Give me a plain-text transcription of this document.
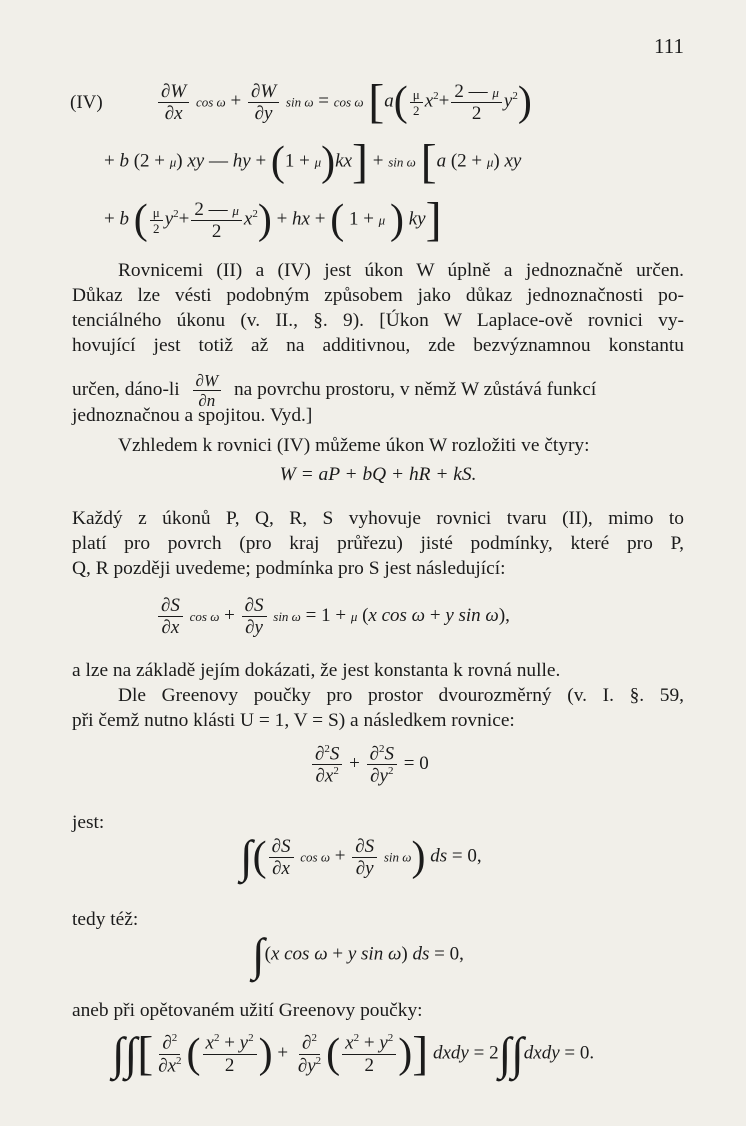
111
(IV)	$\frac{\partial W}{\partial x}$ $\cos \omega + \frac{\partial W}{\partial y}$ sin ω = cos ω [$a( \frac{\mu}{2} x^2+ \frac{2 — \mu}{2} y^2)$
+ b (2 + μ) xy — hy + (1 + μ)kx] + sin ω [a (2 + μ) xy
+ b ( $\frac{\mu}{2} y^2+ \frac{2 — \mu}{2} x^2$) + hx + ( 1 + μ ) ky]
Rovnicemi (II) a (IV) jest úkon W úplně a jednoznačně určen.
Důkaz lze vésti podobným způsobem jako důkaz jednoznačnosti po-
tenciálného úkonu (v. II., §. 9). [Úkon W Laplace-ově rovnici vy-
hovující jest totiž až na additivnou, zde bezvýznamnou konstantu
určen, dáno-li $\frac{\partial W}{\partial n}$ na povrchu prostoru, v němž W zůstává funkcí
jednoznačnou a spojitou. Vyd.]
Vzhledem k rovnici (IV) můžeme úkon W rozložiti ve čtyry:
W = aP + bQ + hR + kS.
Každý z úkonů P, Q, R, S vyhovuje rovnici tvaru (II), mimo to
platí pro povrch (pro kraj průřezu) jisté podmínky, které pro P,
Q, R později uvedeme; podmínka pro S jest následující:
$\frac{\partial S}{\partial x}$ $\cos \omega + \frac{\partial S}{\partial y}$ sin ω = 1 + μ (x cos ω + y sin ω),
a lze na základě jejím dokázati, že jest konstanta k rovná nulle.
Dle Greenovy poučky pro prostor dvourozměrný (v. I. §. 59,
při čemž nutno klásti U = 1, V = S) a následkem rovnice:
$\frac{\partial^2S}{\partial x^2} + \frac{\partial^2S}{\partial y^2} = 0$
jest:
∫( $\frac{\partial S}{\partial x}$ $\cos \omega + \frac{\partial S}{\partial y}$ sin ω) ds = 0,
tedy též:
∫(x cos ω + y sin ω) ds = 0,
aneb při opětovaném užití Greenovy poučky:
∫∫[ $\frac{\partial^2}{\partial x^2}$ ( $\frac{x^2 + y^2}{2}$ ) + $\frac{\partial^2}{\partial y^2}$ ( $\frac{x^2 + y^2}{2}$ )] dxdy = 2∫∫dxdy = 0.
